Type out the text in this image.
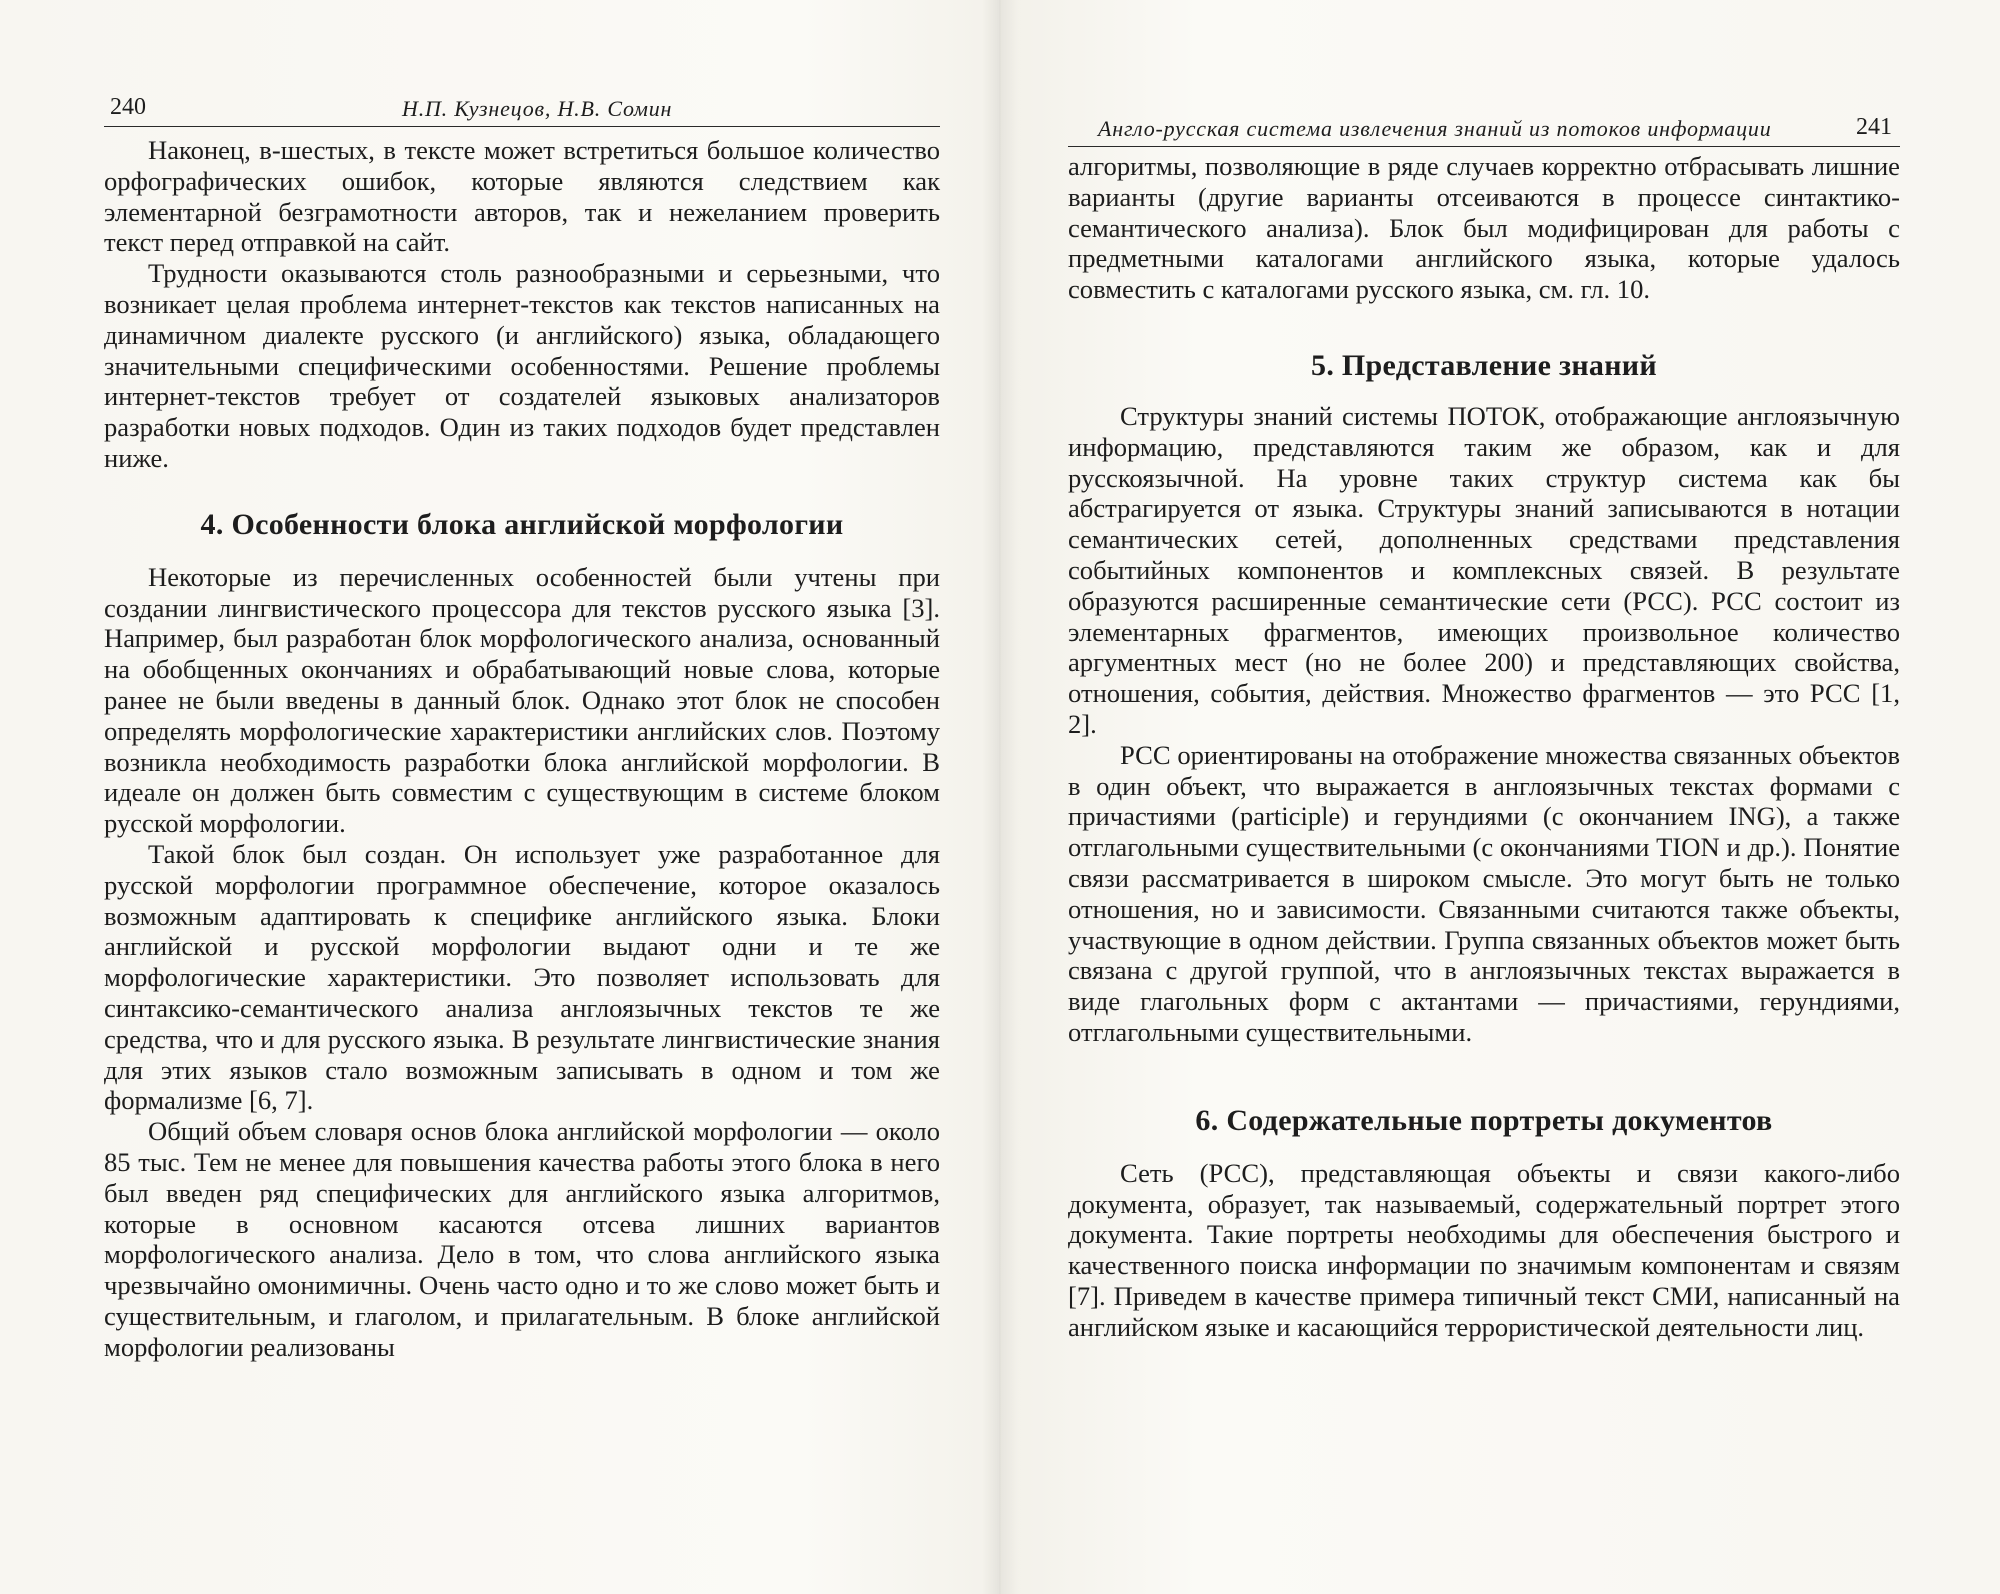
240	Н.П. Кузнецов, Н.В. Сомин

Наконец, в-шестых, в тексте может встретиться большое количество орфографических ошибок, которые являются следствием как элементарной безграмотности авторов, так и нежеланием проверить текст перед отправкой на сайт.

Трудности оказываются столь разнообразными и серьезными, что возникает целая проблема интернет-текстов как текстов написанных на динамичном диалекте русского (и английского) языка, обладающего значительными специфическими особенностями. Решение проблемы интернет-текстов требует от создателей языковых анализаторов разработки новых подходов. Один из таких подходов будет представлен ниже.

4. Особенности блока английской морфологии

Некоторые из перечисленных особенностей были учтены при создании лингвистического процессора для текстов русского языка [3]. Например, был разработан блок морфологического анализа, основанный на обобщенных окончаниях и обрабатывающий новые слова, которые ранее не были введены в данный блок. Однако этот блок не способен определять морфологические характеристики английских слов. Поэтому возникла необходимость разработки блока английской морфологии. В идеале он должен быть совместим с существующим в системе блоком русской морфологии.

Такой блок был создан. Он использует уже разработанное для русской морфологии программное обеспечение, которое оказалось возможным адаптировать к специфике английского языка. Блоки английской и русской морфологии выдают одни и те же морфологические характеристики. Это позволяет использовать для синтаксико-семантического анализа англоязычных текстов те же средства, что и для русского языка. В результате лингвистические знания для этих языков стало возможным записывать в одном и том же формализме [6, 7].

Общий объем словаря основ блока английской морфологии — около 85 тыс. Тем не менее для повышения качества работы этого блока в него был введен ряд специфических для английского языка алгоритмов, которые в основном касаются отсева лишних вариантов морфологического анализа. Дело в том, что слова английского языка чрезвычайно омонимичны. Очень часто одно и то же слово может быть и существительным, и глаголом, и прилагательным. В блоке английской морфологии реализованы

Англо-русская система извлечения знаний из потоков информации	241

алгоритмы, позволяющие в ряде случаев корректно отбрасывать лишние варианты (другие варианты отсеиваются в процессе синтактико-семантического анализа). Блок был модифицирован для работы с предметными каталогами английского языка, которые удалось совместить с каталогами русского языка, см. гл. 10.

5. Представление знаний

Структуры знаний системы ПОТОК, отображающие англоязычную информацию, представляются таким же образом, как и для русскоязычной. На уровне таких структур система как бы абстрагируется от языка. Структуры знаний записываются в нотации семантических сетей, дополненных средствами представления событийных компонентов и комплексных связей. В результате образуются расширенные семантические сети (РСС). РСС состоит из элементарных фрагментов, имеющих произвольное количество аргументных мест (но не более 200) и представляющих свойства, отношения, события, действия. Множество фрагментов — это РСС [1, 2].

РСС ориентированы на отображение множества связанных объектов в один объект, что выражается в англоязычных текстах формами с причастиями (participle) и герундиями (с окончанием ING), а также отглагольными существительными (с окончаниями TION и др.). Понятие связи рассматривается в широком смысле. Это могут быть не только отношения, но и зависимости. Связанными считаются также объекты, участвующие в одном действии. Группа связанных объектов может быть связана с другой группой, что в англоязычных текстах выражается в виде глагольных форм с актантами — причастиями, герундиями, отглагольными существительными.

6. Содержательные портреты документов

Сеть (РСС), представляющая объекты и связи какого-либо документа, образует, так называемый, содержательный портрет этого документа. Такие портреты необходимы для обеспечения быстрого и качественного поиска информации по значимым компонентам и связям [7]. Приведем в качестве примера типичный текст СМИ, написанный на английском языке и касающийся террористической деятельности лиц.
